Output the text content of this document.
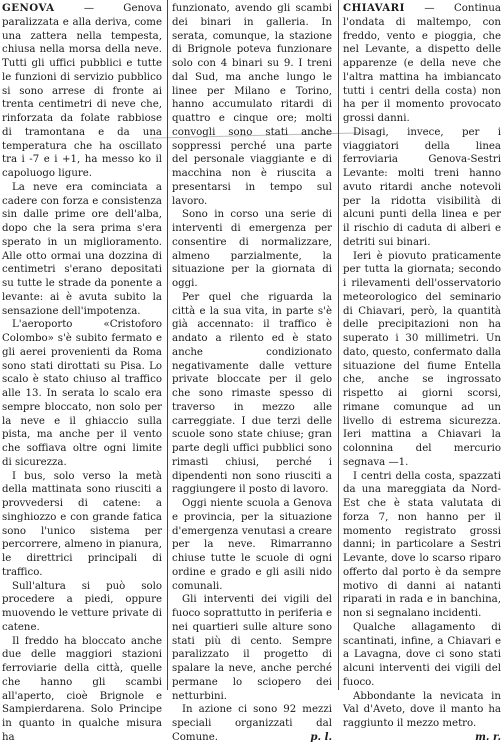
GENOVA	— Genova paralizzata e alla deriva, come una zattera nella tempesta, chiusa nella morsa della neve. Tutti gli uffici pubblici e tutte le funzioni di servizio pubblico si sono arrese di fronte ai trenta centimetri di neve che, rinforzata da folate rabbiose di tramontana e da una temperatura che ha oscillato tra i -7 e i +1, ha messo ko il capoluogo ligure.

La neve era cominciata a cadere con forza e consistenza sin dalle prime ore dell'alba, dopo che la sera prima s'era sperato in un miglioramento. Alle otto ormai una dozzina di centimetri s'erano depositati su tutte le strade da ponente a levante: ai è avuta subito la sensazione dell'impotenza.

L'aeroporto «Cristoforo Colombo» s'è subito fermato e gli aerei provenienti da Roma sono stati dirottati su Pisa. Lo scalo è stato chiuso al traffico alle 13. In serata lo scalo era sempre bloccato, non solo per la neve e il ghiaccio sulla pista, ma anche per il vento che soffiava oltre ogni limite di sicurezza.

I bus, solo verso la metà della mattinata sono riusciti a provvedersi di catene: a singhiozzo e con grande fatica sono l'unico sistema per percorrere, almeno in pianura, le direttrici principali di traffico.

Sull'altura si può solo procedere a piedi, oppure muovendo le vetture private di catene.

Il freddo ha bloccato anche due delle maggiori stazioni ferroviarie della città, quelle che hanno gli scambi all'aperto, cioè Brignole e Sampierdarena. Solo Principe in quanto in qualche misura ha

funzionato, avendo gli scambi dei binari in galleria. In serata, comunque, la stazione di Brignole poteva funzionare solo con 4 binari su 9. I treni dal Sud, ma anche lungo le linee per Milano e Torino, hanno accumulato ritardi di quattro e cinque ore; molti convogli sono stati anche soppressi perché una parte del personale viaggiante e di macchina non è riuscita a presentarsi in tempo sul lavoro.

Sono in corso una serie di interventi di emergenza per consentire di normalizzare, almeno parzialmente, la situazione per la giornata di oggi.

Per quel che riguarda la città e la sua vita, in parte s'è già accennato: il traffico è andato a rilento ed è stato anche condizionato negativamente dalle vetture private bloccate per il gelo che sono rimaste spesso di traverso in mezzo alle carreggiate. I due terzi delle scuole sono state chiuse; gran parte degli uffici pubblici sono rimasti chiusi, perché i dipendenti non sono riusciti a raggiungere il posto di lavoro.

Oggi niente scuola a Genova e provincia, per la situazione d'emergenza venutasi a creare per la neve. Rimarranno chiuse tutte le scuole di ogni ordine e grado e gli asili nido comunali.

Gli interventi dei vigili del fuoco soprattutto in periferia e nei quartieri sulle alture sono stati più di cento. Sempre paralizzato il progetto di spalare la neve, anche perché permane lo sciopero dei netturbini.

In azione ci sono 92 mezzi speciali organizzati dal Comune.	p. l.

CHIAVARI — Continua l'ondata di maltempo, con freddo, vento e pioggia, che nel Levante, a dispetto delle apparenze (e della neve che l'altra mattina ha imbiancato tutti i centri della costa) non ha per il momento provocato grossi danni.

Disagi, invece, per i viaggiatori della linea ferroviaria Genova-Sestri Levante: molti treni hanno avuto ritardi anche notevoli per la ridotta visibilità di alcuni punti della linea e per il rischio di caduta di alberi e detriti sui binari.

Ieri è piovuto praticamente per tutta la giornata; secondo i rilevamenti dell'osservatorio meteorologico del seminario di Chiavari, però, la quantità delle precipitazioni non ha superato i 30 millimetri. Un dato, questo, confermato dalla situazione del fiume Entella che, anche se ingrossato rispetto ai giorni scorsi, rimane comunque ad un livello di estrema sicurezza. Ieri mattina a Chiavari la colonnina del mercurio segnava —1.

I centri della costa, spazzati da una mareggiata da Nord-Est che è stata valutata di forza 7, non hanno per il momento registrato grossi danni; in particolare a Sestri Levante, dove lo scarso riparo offerto dal porto è da sempre motivo di danni ai natanti riparati in rada e in banchina, non si segnalano incidenti.

Qualche allagamento di scantinati, infine, a Chiavari e a Lavagna, dove ci sono stati alcuni interventi dei vigili del fuoco.

Abbondante la nevicata in Val d'Aveto, dove il manto ha raggiunto il mezzo metro.
m. r.
